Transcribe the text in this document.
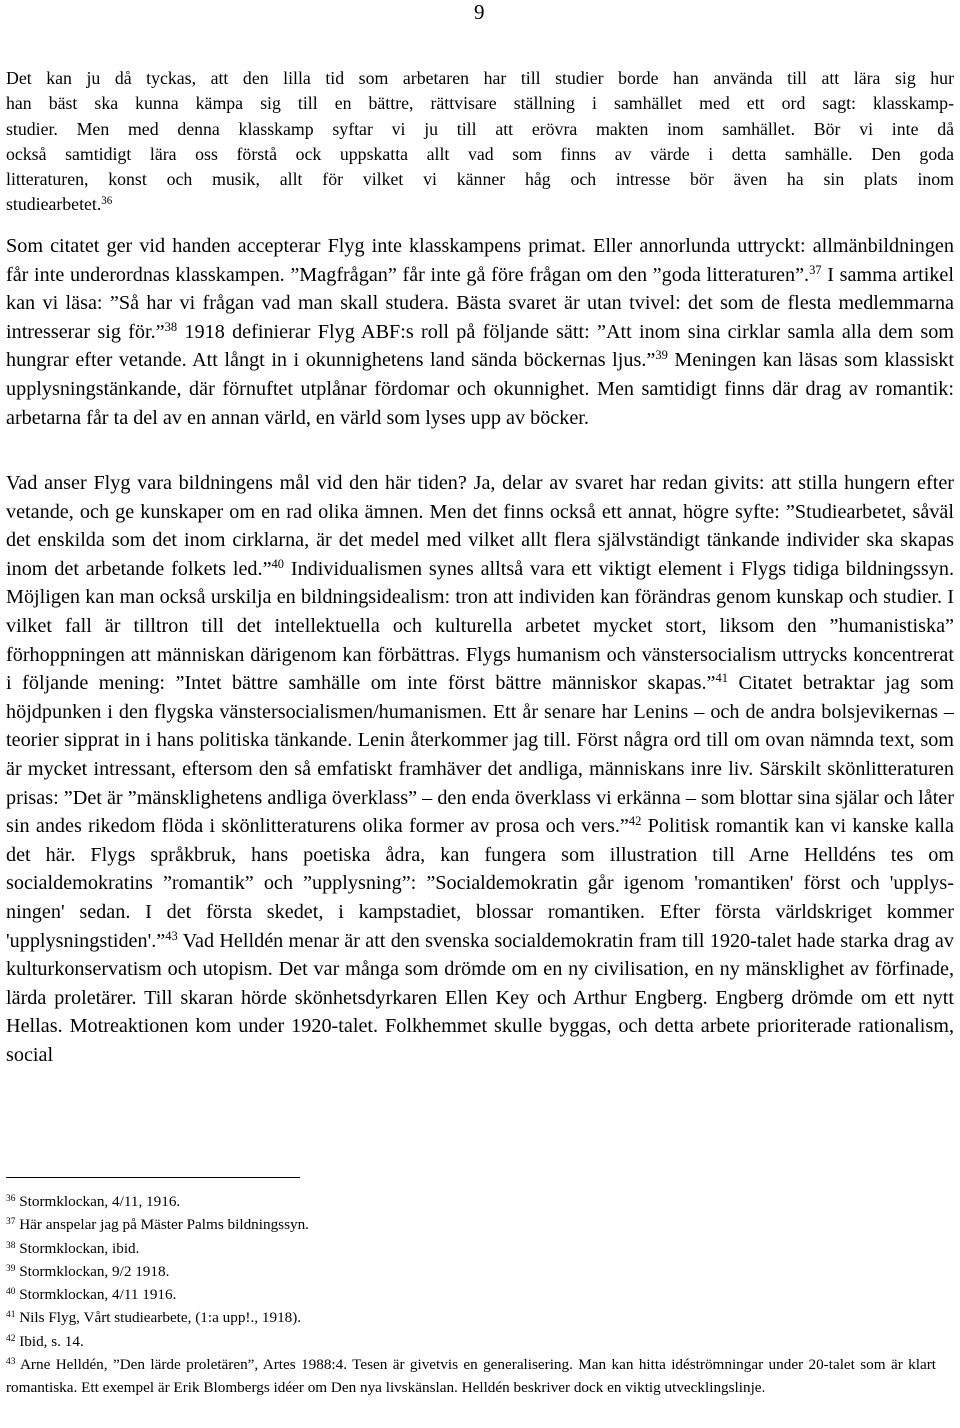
9
Det kan ju då tyckas, att den lilla tid som arbetaren har till studier borde han använda till att lära sig hur
han bäst ska kunna kämpa sig till en bättre, rättvisare ställning i samhället med ett ord sagt: klasskamp-
studier. Men med denna klasskamp syftar vi ju till att erövra makten inom samhället. Bör vi inte då
också samtidigt lära oss förstå ock uppskatta allt vad som finns av värde i detta samhälle. Den goda
litteraturen, konst och musik, allt för vilket vi känner håg och intresse bör även ha sin plats inom
studiearbetet.$^{36}$

Som citatet ger vid handen accepterar Flyg inte klasskampens primat. Eller annorlunda uttryckt: allmänbildningen får inte underordnas klasskampen. ”Magfrågan” får inte gå före frågan om den ”goda litteraturen”.$^{37}$ I samma artikel kan vi läsa: ”Så har vi frågan vad man skall studera. Bästa svaret är utan tvivel: det som de flesta medlemmarna intresserar sig för.”$^{38}$ 1918 definierar Flyg ABF:s roll på följande sätt: ”Att inom sina cirklar samla alla dem som hungrar efter vetande. Att långt in i okunnighetens land sända böckernas ljus.”$^{39}$ Meningen kan läsas som klassiskt upplysningstänkande, där förnuftet utplånar fördomar och okunnighet. Men samtidigt finns där drag av romantik: arbetarna får ta del av en annan värld, en värld som lyses upp av böcker.

Vad anser Flyg vara bildningens mål vid den här tiden? Ja, delar av svaret har redan givits: att stilla hungern efter vetande, och ge kunskaper om en rad olika ämnen. Men det finns också ett annat, högre syfte: ”Studiearbetet, såväl det enskilda som det inom cirklarna, är det medel med vilket allt flera självständigt tänkande individer ska skapas inom det arbetande folkets led.”$^{40}$ Individualismen synes alltså vara ett viktigt element i Flygs tidiga bildningssyn. Möjligen kan man också urskilja en bildningsidealism: tron att individen kan förändras genom kunskap och studier. I vilket fall är tilltron till det intellektuella och kulturella arbetet mycket stort, liksom den ”humanistiska” förhoppningen att människan därigenom kan förbättras. Flygs humanism och vänstersocialism uttrycks koncentrerat i följande mening: ”Intet bättre samhälle om inte först bättre människor skapas.”$^{41}$ Citatet betraktar jag som höjdpunken i den flygska vänstersocialismen/humanismen. Ett år senare har Lenins – och de andra bolsjevikernas – teorier sipprat in i hans politiska tänkande. Lenin återkommer jag till. Först några ord till om ovan nämnda text, som är mycket intressant, eftersom den så emfatiskt framhäver det andliga, människans inre liv. Särskilt skönlitteraturen prisas: ”Det är ”mänsklighetens andliga överklass” – den enda överklass vi erkänna – som blottar sina själar och låter sin andes rikedom flöda i skönlitteraturens olika former av prosa och vers.”$^{42}$ Politisk romantik kan vi kanske kalla det här. Flygs språkbruk, hans poetiska ådra, kan fungera som illustration till Arne Helldéns tes om socialdemokratins ”romantik” och ”upplysning”: ”Socialdemokratin går igenom 'romantiken' först och 'upplysningen' sedan. I det första skedet, i kampstadiet, blossar romantiken. Efter första världskriget kommer 'upplysningstiden'.”$^{43}$ Vad Helldén menar är att den svenska socialdemokratin fram till 1920-talet hade starka drag av kulturkonservatism och utopism. Det var många som drömde om en ny civilisation, en ny mänsklighet av förfinade, lärda proletärer. Till skaran hörde skönhetsdyrkaren Ellen Key och Arthur Engberg. Engberg drömde om ett nytt Hellas. Motreaktionen kom under 1920-talet. Folkhemmet skulle byggas, och detta arbete prioriterade rationalism, social

$^{36}$ Stormklockan, 4/11, 1916.

$^{37}$ Här anspelar jag på Mäster Palms bildningssyn.

$^{38}$ Stormklockan, ibid.

$^{39}$ Stormklockan, 9/2 1918.

$^{40}$ Stormklockan, 4/11 1916.

$^{41}$ Nils Flyg, Vårt studiearbete, (1:a upp!., 1918).

$^{42}$ Ibid, s. 14.

$^{43}$ Arne Helldén, ”Den lärde proletären”, Artes 1988:4. Tesen är givetvis en generalisering. Man kan hitta idéströmningar under 20-talet som är klart romantiska. Ett exempel är Erik Blombergs idéer om Den nya livskänslan. Helldén beskriver dock en viktig utvecklingslinje.
